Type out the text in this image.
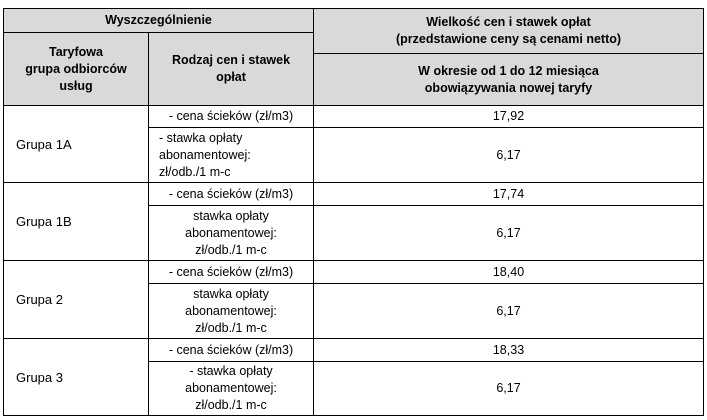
Wyszczególnienie		Wielkość cen i stawek opłat
(przedstawione ceny są cenami netto)

Taryfowa
grupa odbiorców
usług	Rodzaj cen i stawek
opłat	

		W okresie od 1 do 12 miesiąca
obowiązywania nowej taryfy

Grupa 1A	- cena ścieków (zł/m3)	17,92
	- stawka opłaty
abonamentowej:
zł/odb./1 m-c	6,17
Grupa 1B	- cena ścieków (zł/m3)	17,74
	stawka opłaty
abonamentowej:
zł/odb./1 m-c	6,17
Grupa 2	- cena ścieków (zł/m3)	18,40
	stawka opłaty
abonamentowej:
zł/odb./1 m-c	6,17
Grupa 3	- cena ścieków (zł/m3)	18,33
	- stawka opłaty
abonamentowej:
zł/odb./1 m-c	6,17
